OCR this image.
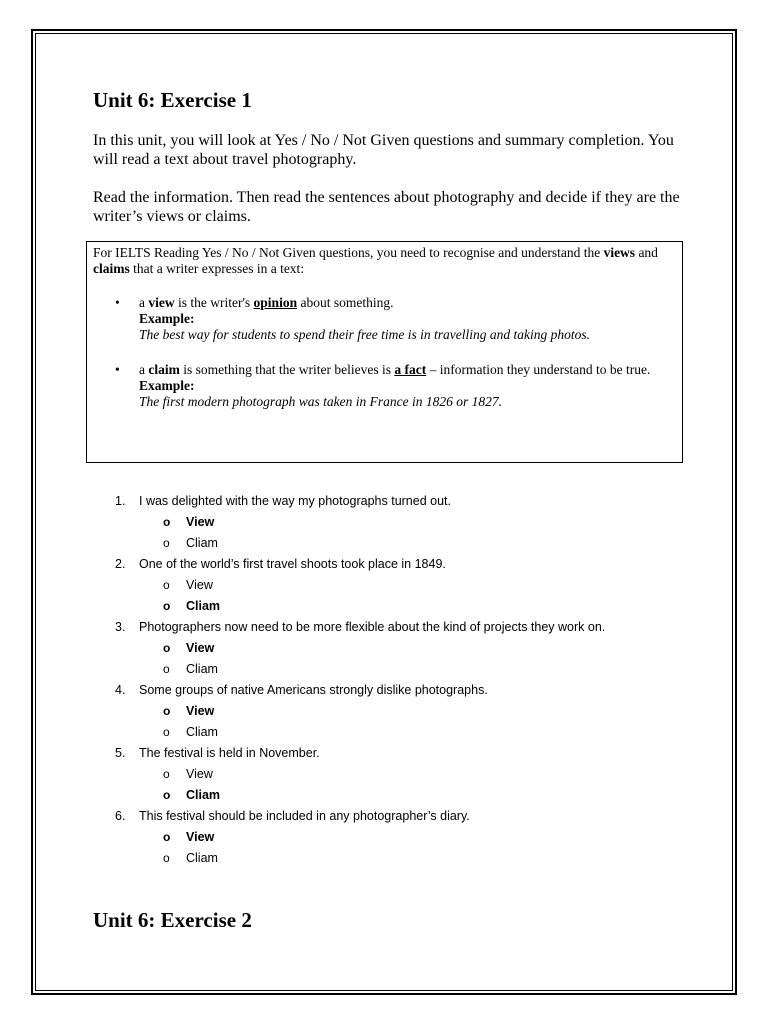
Unit 6: Exercise 1

In this unit, you will look at Yes / No / Not Given questions and summary completion. You will read a text about travel photography.

Read the information. Then read the sentences about photography and decide if they are the writer’s views or claims.

For IELTS Reading Yes / No / Not Given questions, you need to recognise and understand the views and claims that a writer expresses in a text:

• a view is the writer's opinion about something.
Example:
The best way for students to spend their free time is in travelling and taking photos.
• a claim is something that the writer believes is a fact – information they understand to be true.
Example:
The first modern photograph was taken in France in 1826 or 1827.
1. I was delighted with the way my photographs turned out.
o View
o Cliam
2. One of the world’s first travel shoots took place in 1849.
o View
o Cliam
3. Photographers now need to be more flexible about the kind of projects they work on.
o View
o Cliam
4. Some groups of native Americans strongly dislike photographs.
o View
o Cliam
5. The festival is held in November.
o View
o Cliam
6. This festival should be included in any photographer’s diary.
o View
o Cliam
Unit 6: Exercise 2
